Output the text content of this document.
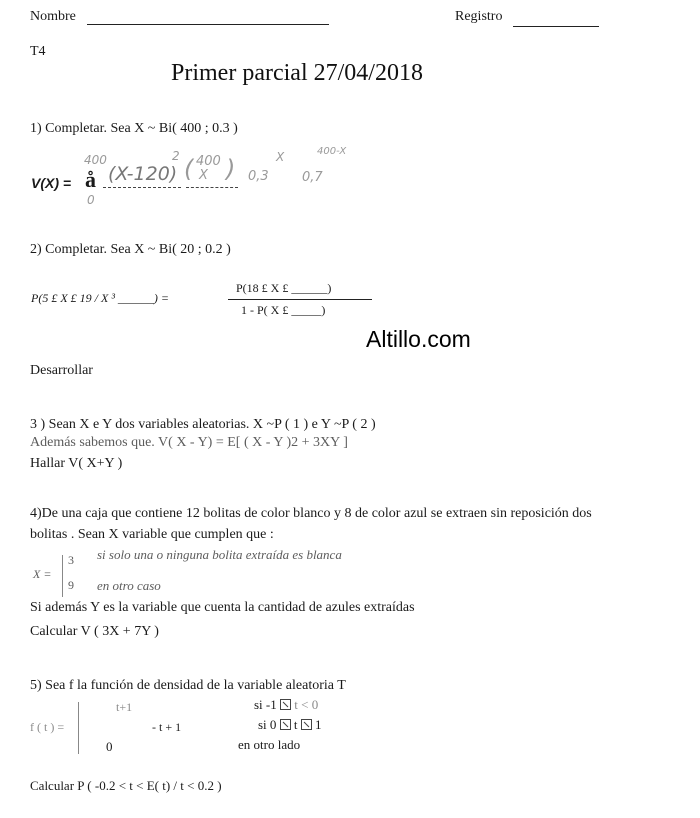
Nombre	Registro
T4
Primer parcial 27/04/2018
1) Completar. Sea X ~ Bi( 400 ; 0.3 )
V(X) = å
400
0
(X-120)
2 400
X
( ) 0,3
X
0,7
400-X
2) Completar. Sea X ~ Bi( 20 ; 0.2 )
P(5 £ X £ 19 / X ³ ______) =
P(18 £ X £ ______)
1 - P( X £ _____)
Altillo.com
Desarrollar
3 ) Sean X e Y dos variables aleatorias. X ~P ( 1 ) e Y ~P ( 2 )
Además sabemos que. V( X - Y) = E[ ( X - Y )2 + 3XY ]
Hallar V( X+Y )
4)De una caja que contiene 12 bolitas de color blanco y 8 de color azul se extraen sin reposición dos
bolitas . Sean X variable que cumplen que :
X =
3 si solo una o ninguna bolita extraída es blanca
9 en otro caso
Si además Y es la variable que cuenta la cantidad de azules extraídas
Calcular V ( 3X + 7Y )
5) Sea f la función de densidad de la variable aleatoria T
f ( t ) =
t+1	si -1 t < 0
- t + 1	si 0 t 1
0	en otro lado
Calcular P ( -0.2 < t < E( t) / t < 0.2 )
